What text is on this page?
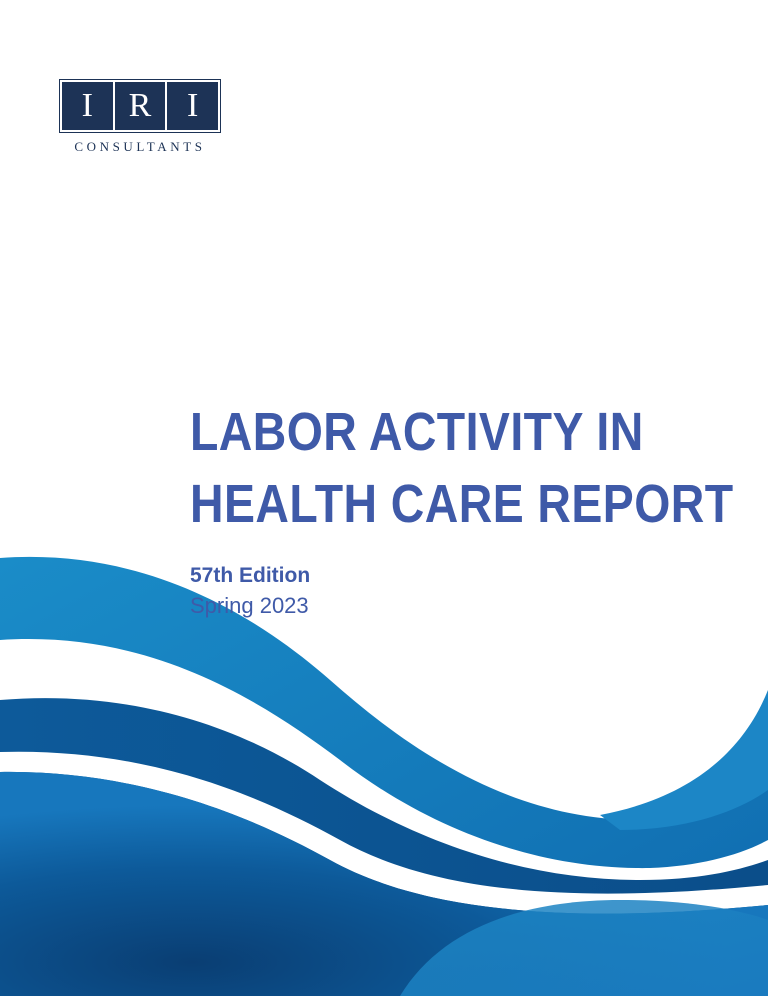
I	R	I
CONSULTANTS
LABOR ACTIVITY IN
HEALTH CARE REPORT
57th Edition
Spring 2023
